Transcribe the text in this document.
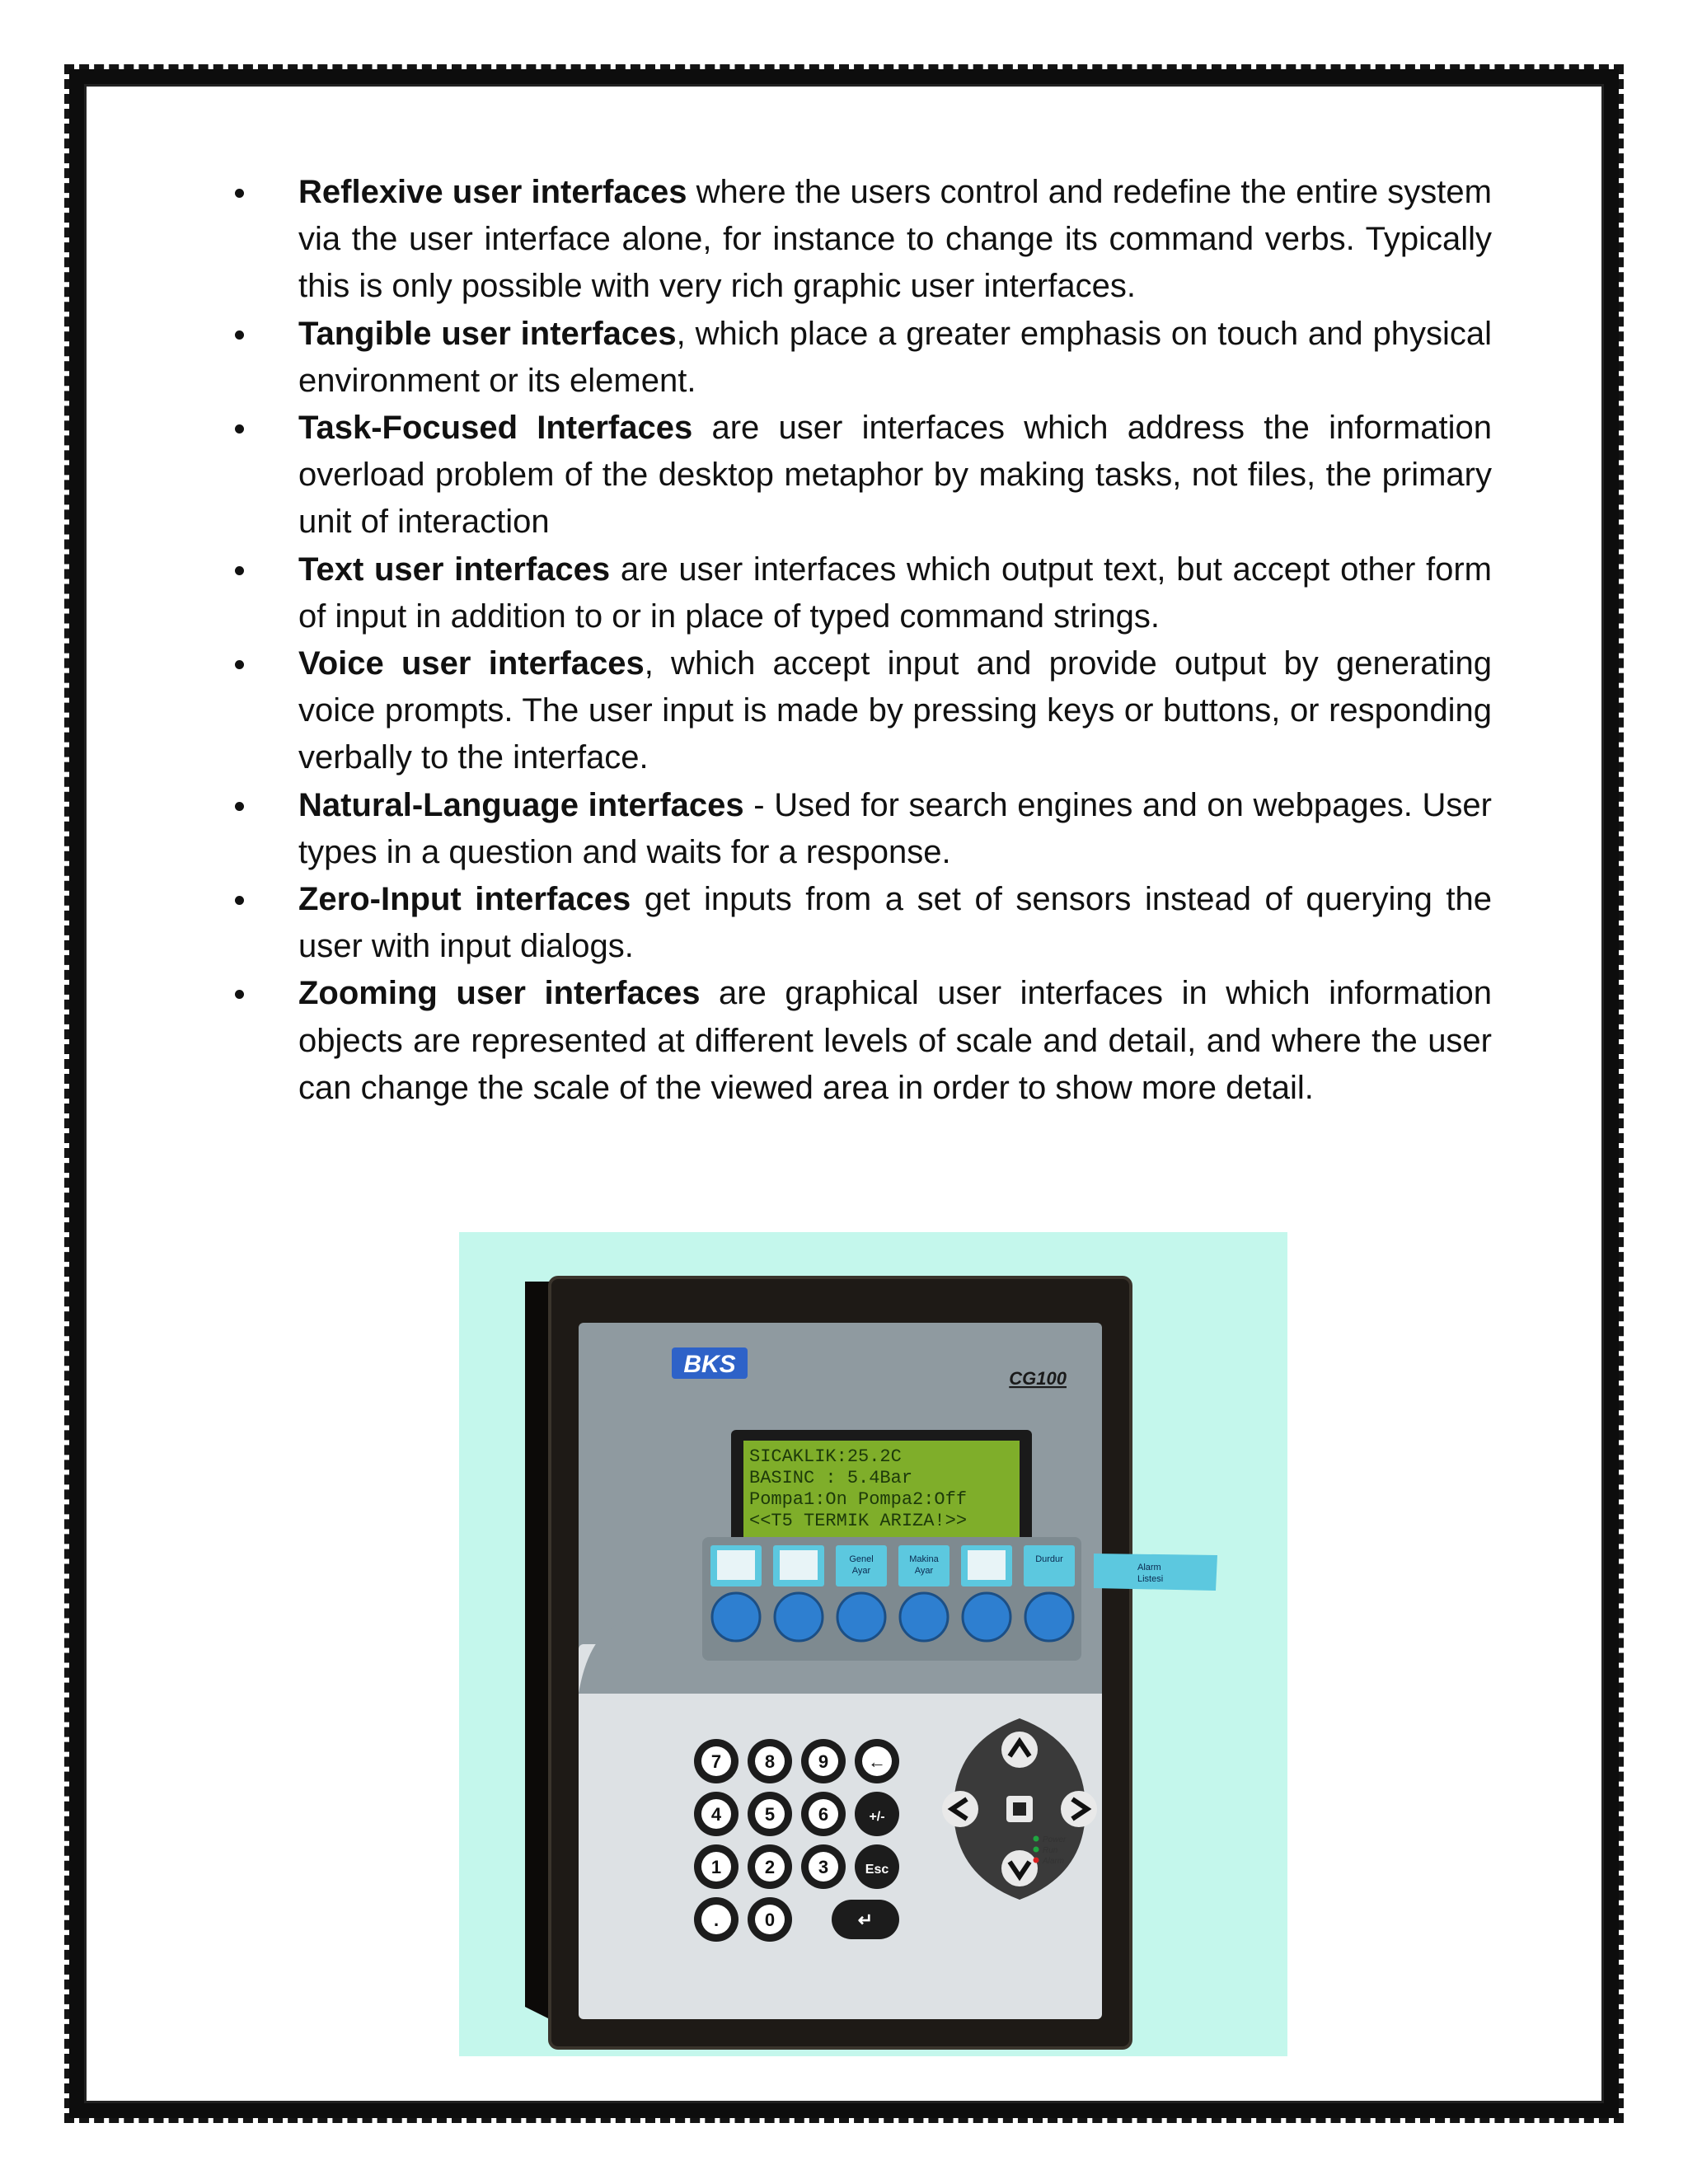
Reflexive user interfaces where the users control and redefine the entire system via the user interface alone, for instance to change its command verbs. Typically this is only possible with very rich graphic user interfaces.
Tangible user interfaces, which place a greater emphasis on touch and physical environment or its element.
Task-Focused Interfaces are user interfaces which address the information overload problem of the desktop metaphor by making tasks, not files, the primary unit of interaction
Text user interfaces are user interfaces which output text, but accept other form of input in addition to or in place of typed command strings.
Voice user interfaces, which accept input and provide output by generating voice prompts. The user input is made by pressing keys or buttons, or responding verbally to the interface.
Natural-Language interfaces - Used for search engines and on webpages. User types in a question and waits for a response.
Zero-Input interfaces get inputs from a set of sensors instead of querying the user with input dialogs.
Zooming user interfaces are graphical user interfaces in which information objects are represented at different levels of scale and detail, and where the user can change the scale of the viewed area in order to show more detail.
BKS
CG100
SICAKLIK:25.2C
BASINC : 5.4Bar
Pompa1:On Pompa2:Off
<<T5 TERMIK ARIZA!>>
Genel
Ayar
Makina
Ayar
Durdur
Alarm
Listesi
7 8 9 ←
4 5 6	+/-
1 2 3	Esc
.	0	↵
Power
Run
Alarm
